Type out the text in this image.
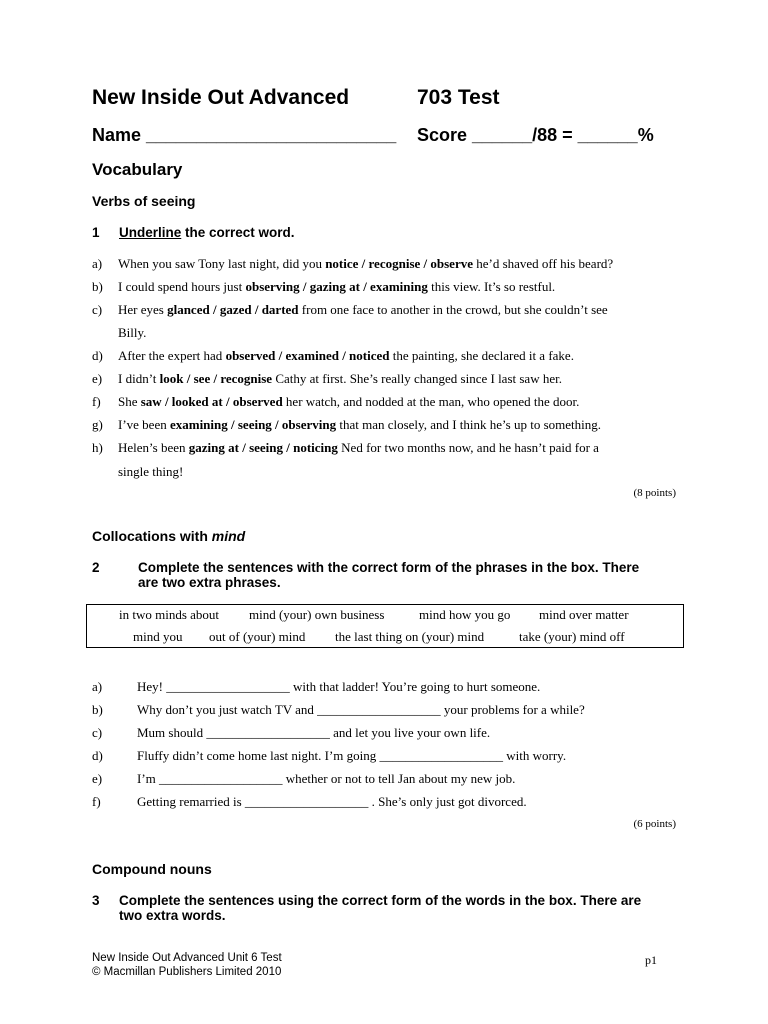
New Inside Out Advanced	703 Test
Name _________________________ Score ______/88 = ______%
Vocabulary
Verbs of seeing
1 Underline the correct word.
a) When you saw Tony last night, did you notice / recognise / observe he’d shaved off his beard?
b) I could spend hours just observing / gazing at / examining this view. It’s so restful.
c) Her eyes glanced / gazed / darted from one face to another in the crowd, but she couldn’t see
Billy.
d) After the expert had observed / examined / noticed the painting, she declared it a fake.
e) I didn’t look / see / recognise Cathy at first. She’s really changed since I last saw her.
f) She saw / looked at / observed her watch, and nodded at the man, who opened the door.
g) I’ve been examining / seeing / observing that man closely, and I think he’s up to something.
h) Helen’s been gazing at / seeing / noticing Ned for two months now, and he hasn’t paid for a
single thing!
(8 points)
Collocations with mind
2	Complete the sentences with the correct form of the phrases in the box. There
are two extra phrases.
in two minds about mind (your) own business	mind how you go mind over matter
mind you out of (your) mind the last thing on (your) mind	take (your) mind off
a)	Hey! ___________________ with that ladder! You’re going to hurt someone.
b)	Why don’t you just watch TV and ___________________ your problems for a while?
c)	Mum should ___________________ and let you live your own life.
d)	Fluffy didn’t come home last night. I’m going ___________________ with worry.
e)	I’m ___________________ whether or not to tell Jan about my new job.
f)	Getting remarried is ___________________ . She’s only just got divorced.
(6 points)
Compound nouns
3 Complete the sentences using the correct form of the words in the box. There are
two extra words.
New Inside Out Advanced Unit 6 Test
© Macmillan Publishers Limited 2010
p1
